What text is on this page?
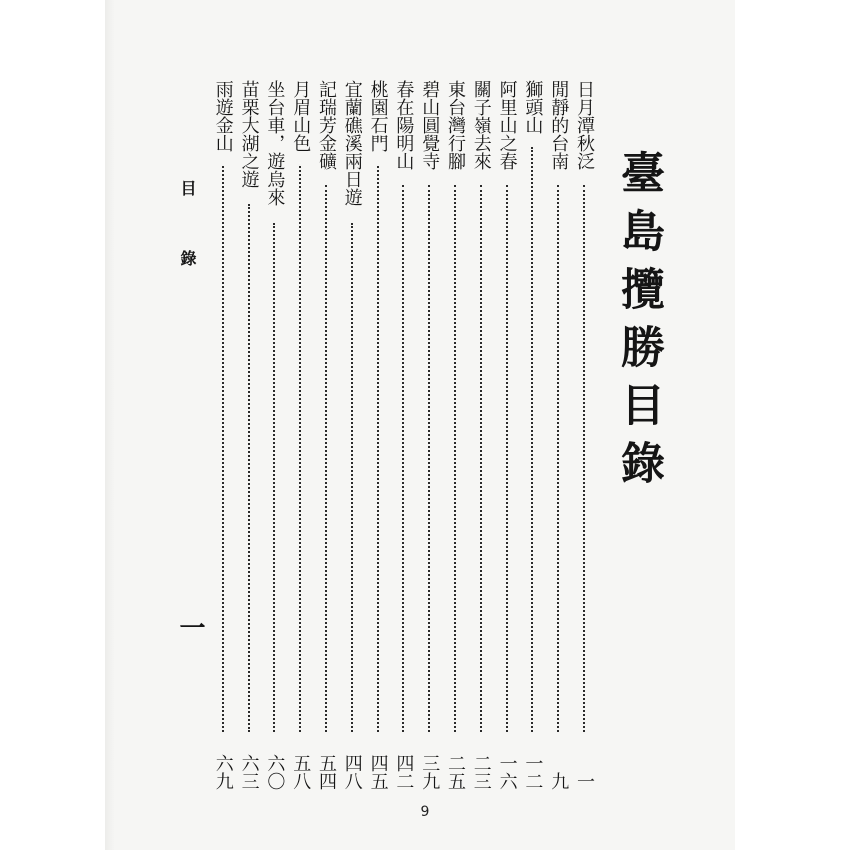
臺島攬勝目錄
日月潭秋泛
一
閒靜的台南
九
獅頭山
一二
阿里山之春
一六
關子嶺去來
二三
東台灣行腳
二五
碧山圓覺寺
三九
春在陽明山
四二
桃園石門
四五
宜蘭礁溪兩日遊
四八
記瑞芳金礦
五四
月眉山色
五八
坐台車，遊烏來
六〇
苗栗大湖之遊
六三
雨遊金山
六九
目
錄
一
9
